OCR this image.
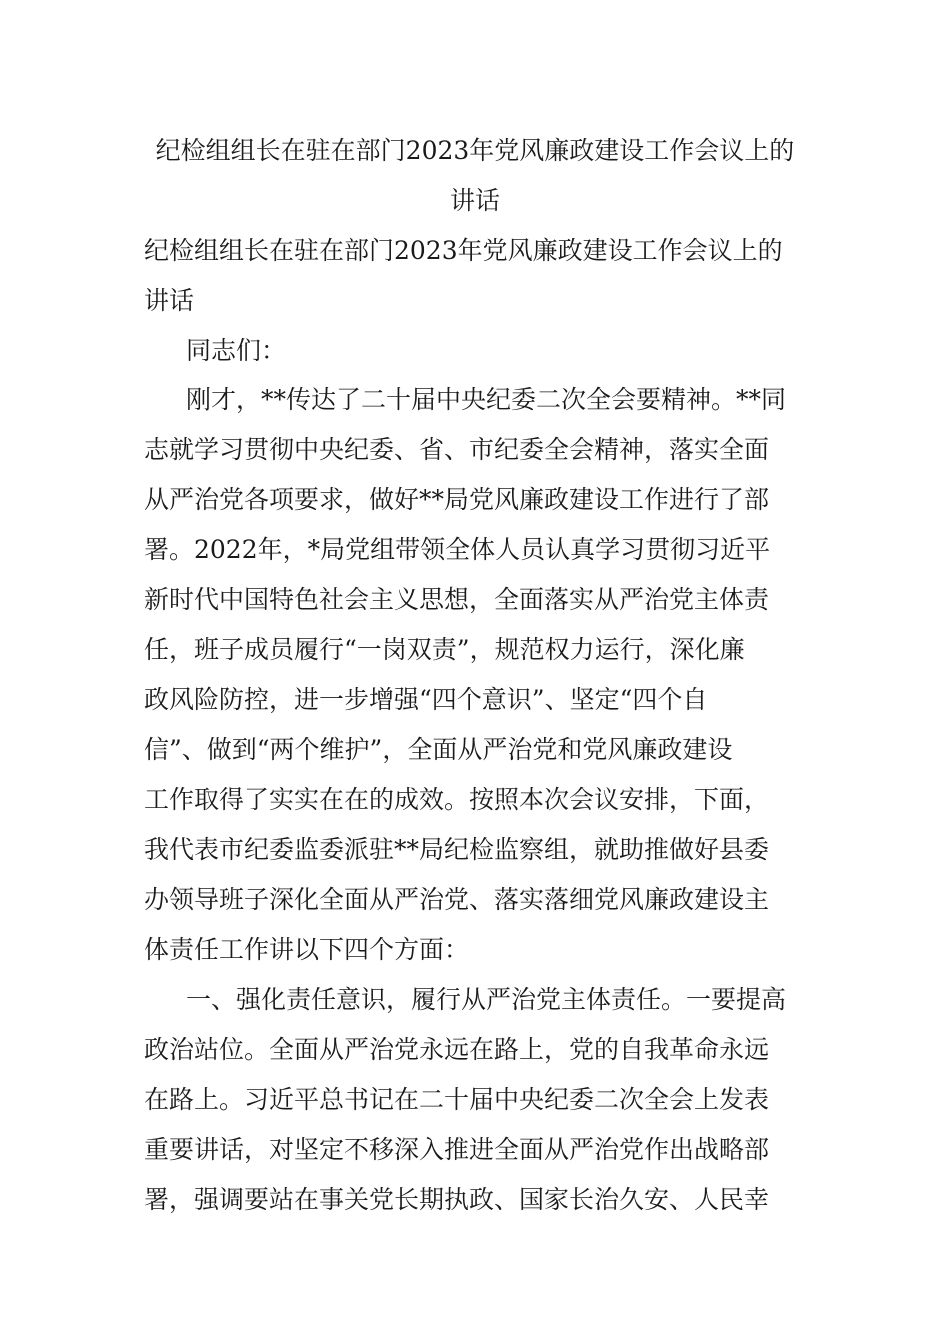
纪检组组长在驻在部门2023年党风廉政建设工作会议上的
讲话
纪检组组长在驻在部门2023年党风廉政建设工作会议上的
讲话
同志们：
刚才，**传达了二十届中央纪委二次全会要精神。**同
志就学习贯彻中央纪委、省、市纪委全会精神，落实全面
从严治党各项要求，做好**局党风廉政建设工作进行了部
署。2022年，*局党组带领全体人员认真学习贯彻习近平
新时代中国特色社会主义思想，全面落实从严治党主体责
任，班子成员履行“一岗双责”，规范权力运行，深化廉
政风险防控，进一步增强“四个意识”、坚定“四个自
信”、做到“两个维护”，全面从严治党和党风廉政建设
工作取得了实实在在的成效。按照本次会议安排，下面，
我代表市纪委监委派驻**局纪检监察组，就助推做好县委
办领导班子深化全面从严治党、落实落细党风廉政建设主
体责任工作讲以下四个方面：
一、强化责任意识，履行从严治党主体责任。一要提高
政治站位。全面从严治党永远在路上，党的自我革命永远
在路上。习近平总书记在二十届中央纪委二次全会上发表
重要讲话，对坚定不移深入推进全面从严治党作出战略部
署，强调要站在事关党长期执政、国家长治久安、人民幸
